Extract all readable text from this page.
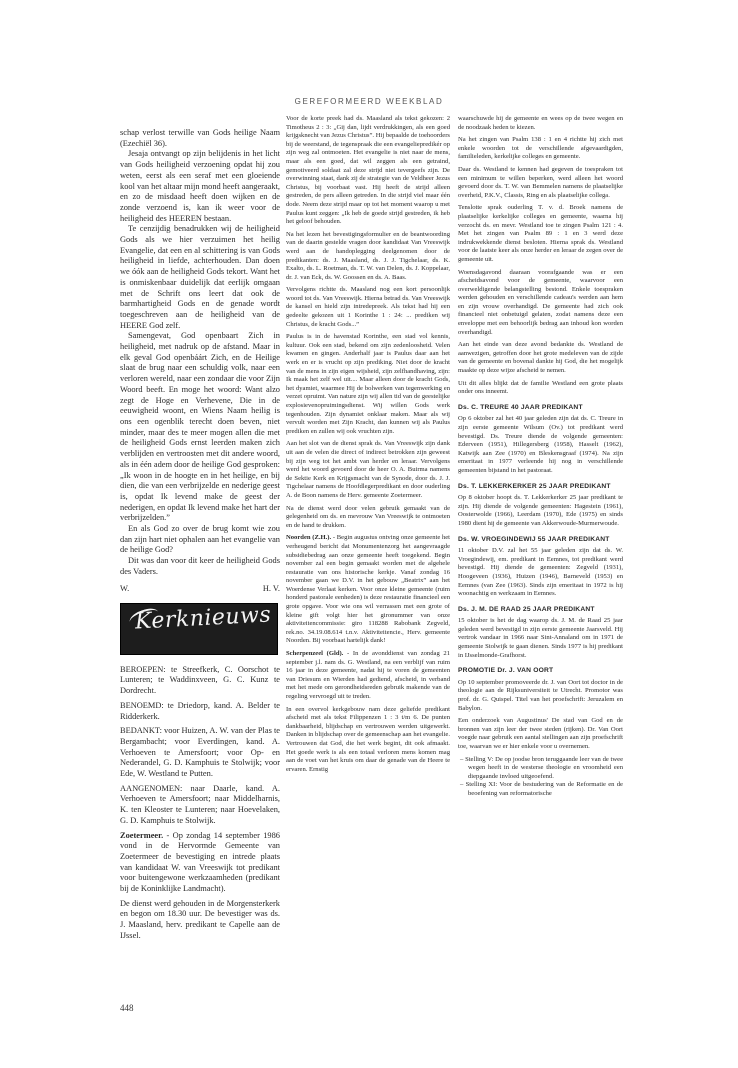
GEREFORMEERD WEEKBLAD

schap verlost terwille van Gods heilige Naam (Ezechiël 36).

Jesaja ontvangt op zijn belijdenis in het licht van Gods heiligheid verzoening opdat hij zou weten, eerst als een seraf met een gloeiende kool van het altaar mijn mond heeft aangeraakt, en zo de misdaad heeft doen wijken en de zonde verzoend is, kan ik weer voor de heiligheid des HEEREN bestaan.

Te cenzijdig benadrukken wij de heiligheid Gods als we hier verzuimen het heilig Evangelie, dat een en al schittering is van Gods heiligheid in liefde, achterhouden. Dan doen we óók aan de heiligheid Gods tekort. Want het is onmiskenbaar duidelijk dat eerlijk omgaan met de Schrift ons leert dat ook de barmhartigheid Gods en de genade wordt toegeschreven aan de heiligheid van de HEERE God zelf.

Samengevat, God openbaart Zich in heiligheid, met nadruk op de afstand. Maar in elk geval God openbáárt Zich, en de Heilige slaat de brug naar een schuldig volk, naar een verloren wereld, naar een zondaar die voor Zijn Woord beeft. En moge het woord: Want alzo zegt de Hoge en Verhevene, Die in de eeuwigheid woont, en Wiens Naam heilig is ons een ogenblik terecht doen beven, niet minder, maar des te meer mogen allen die met de heiligheid Gods ernst leerden maken zich verblijden en vertroosten met dit andere woord, als in één adem door de heilige God gesproken: „Ik woon in de hoogte en in het heilige, en bij dien, die van een verbrijzelde en nederige geest is, opdat Ik levend make de geest der nederigen, en opdat Ik levend make het hart der verbrijzelden.”

En als God zo over de brug komt wie zou dan zijn hart niet ophalen aan het evangelie van de heilige God?

Dit was dan voor dit keer de heiligheid Gods des Vaders.

W.	H. V.
Kerknieuws

BEROEPEN: te Streefkerk, C. Oorschot te Lunteren; te Waddinxveen, G. C. Kunz te Dordrecht.

BENOEMD: te Driedorp, kand. A. Belder te Ridderkerk.

BEDANKT: voor Huizen, A. W. van der Plas te Bergambacht; voor Everdingen, kand. A. Verhoeven te Amersfoort; voor Op- en Nederandel, G. D. Kamphuis te Stolwijk; voor Ede, W. Westland te Putten.

AANGENOMEN: naar Daarle, kand. A. Verhoeven te Amersfoort; naar Middelharnis, K. ten Kleoster te Lunteren; naar Hoevelaken, G. D. Kamphuis te Stolwijk.

Zoetermeer. - Op zondag 14 september 1986 vond in de Hervormde Gemeente van Zoetermeer de bevestiging en intrede plaats van kandidaat W. van Vreeswijk tot predikant voor buitengewone werkzaamheden (predikant bij de Koninklijke Landmacht).

De dienst werd gehouden in de Morgensterkerk en begon om 18.30 uur. De bevestiger was ds. J. Maasland, herv. predikant te Capelle aan de IJssel.

Voor de korte preek had ds. Maasland als tekst gekozen: 2 Timotheus 2 : 3: „Gij dan, lijdt verdrukkingen, als een goed krijgsknecht van Jezus Christus”. Hij bepaalde de toehoorders bij de weerstand, de tegenspraak die een evangeliepredikér op zijn weg zal ontmoeten. Het evangelie is niet naar de mens, maar als een goed, dat wil zeggen als een getraind, gemotiveerd soldaat zal deze strijd niet tevergeefs zijn. De overwinning staat, dank zij de strategie van de Veldheer Jezus Christus, bij voorbaat vast. Hij heeft de strijd alleen gestreden, de pers alleen getreden. In die strijd viel maar één dode. Neem deze strijd maar op tot het moment waarop u met Paulus kunt zeggen: „Ik heb de goede strijd gestreden, ik heb het geloof behouden.

Na het lezen het bevestigingsformulier en de beantwoording van de daarin gestelde vragen door kandidaat Van Vreeswijk werd aan de handoplegging deelgenomen door de predikanten: ds. J. Maasland, ds. J. J. Tigchelaar, ds. K. Exalto, ds. L. Roetman, ds. T. W. van Delen, ds. J. Koppelaar, dr. J. van Eck, ds. W. Goossen en ds. A. Baas.

Vervolgens richtte ds. Maasland nog een kort persoonlijk woord tot ds. Van Vreeswijk. Hierna betrad ds. Van Vreeswijk de kansel en hield zijn intredepreek. Als tekst had hij een gedeelte gekozen uit 1 Korinthe 1 : 24: ... prediken wij Christus, de kracht Gods...”

Paulus is in de havenstad Korinthe, een stad vol kennis, kultuur. Ook een stad, bekend om zijn zedenloosheid. Velen kwamen en gingen. Anderhalf jaar is Paulus daar aan het werk en er is vrucht op zijn prediking. Niet door de kracht van de mens in zijn eigen wijsheid, zijn zelfhandhaving, zijn: Ik maak het zelf wel uit.... Maar alleen door de kracht Gods, het dyamiet, waarmee Hij de bolwerken van tegenwerking en verzet opruimt. Van nature zijn wij allen tid van de geestelijke explosievenopruimingsdienst. Wij willen Gods werk tegenhouden. Zijn dynamiet onklaar maken. Maar als wij vervult worden met Zijn Kracht, dan kunnen wij als Paulus prediken en zullen wij ook vruchten zijn.

Aan het slot van de dienst sprak ds. Van Vreeswijk zijn dank uit aan de velen die direct of indirect betrokken zijn geweest bij zijn weg tot het ambt van herder en leraar. Vervolgens werd het woord gevoerd door de heer O. A. Buirma namens de Sektie Kerk en Krijgsmacht van de Synode, door ds. J. J. Tigchelaar namens de Hoofdlegerpredikant en door ouderling A. de Boon namens de Herv. gemeente Zoetermeer.

Na de dienst werd door velen gebruik gemaakt van de gelegenheid om ds. en mevrouw Van Vreeswijk te ontmoeten en de hand te drukken.

Noorden (Z.H.). - Begin augustus ontving onze gemeente het verheugend bericht dat Monumentenzorg het aangevraagde subsidiebedrag aan onze gemeente heeft toegekend. Begin november zal een begin gemaakt worden met de algehele restauratie van ons historische kerkje. Vanaf zondag 16 november gaan we D.V. in het gebouw „Beatrix” aan het Woerdense Verlaat kerken. Voor onze kleine gemeente (ruim honderd pastorale eenheden) is deze restauratie financieel een grote opgave. Voor wie ons wil verrassen met een grote of kleine gift volgt hier het gironummer van onze aktiviteitencommissie: giro 118288 Rabobank Zegveld, rek.no. 34.19.08.614 t.n.v. Aktiviteitencie., Herv. gemeente Noorden. Bij voorbaat hartelijk dank!

Scherpenzeel (Gld). - In de avonddienst van zondag 21 september j.l. nam ds. G. Westland, na een verblijf van ruim 16 jaar in deze gemeente, nadat hij te voren de gemeenten van Driesum en Wierden had gediend, afscheid, in verband met het mede om gerondheidsreden gebruik makende van de regeling vervroegd uit te treden.

In een overvol kerkgebouw nam deze geliefde predikant afscheid met als tekst Filippenzen 1 : 3 t/m 6. De punten dankbaarheid, blijdschap en vertrouwen werden uitgewerkt. Danken in blijdschap over de gemeenschap aan het evangelie. Vertrouwen dat God, die het werk begint, dit ook afmaakt. Het goede werk is als een totaal verloren mens komen mag aan de voet van het kruis om daar de genade van de Heere te ervaren. Ernstig

waarschuwde hij de gemeente en wees op de twee wegen en de noodzaak heden te kiezen.

Na het zingen van Psalm 138 : 1 en 4 richtte hij zich met enkele woorden tot de verschillende afgevaardigden, familieleden, kerkelijke colleges en gemeente.

Daar ds. Westland te kennen had gegeven de toespraken tot een minimum te willen beperken, werd alleen het woord gevoerd door ds. T. W. van Bemmelen namens de plaatselijke overheid, P.K.V., Classis, Ring en als plaatselijke collega.

Tenslotte sprak ouderling T. v. d. Broek namens de plaatselijke kerkelijke colleges en gemeente, waarna hij verzocht ds. en mevr. Westland toe te zingen Psalm 121 : 4. Met het zingen van Psalm 89 : 1 en 3 werd deze indrukwekkende dienst besloten. Hierna sprak ds. Westland voor de laatste keer als onze herder en leraar de zegen over de gemeente uit.

Woensdagavond daaraan voorafgaande was er een afscheidsavond voor de gemeente, waarvoor een overweldigende belangstelling bestond. Enkele toespraken werden gehouden en verschillende cadeau's werden aan hem en zijn vrouw overhandigd. De gemeente had zich ook financieel niet onbetuigd gelaten, zodat namens deze een enveloppe met een behoorlijk bedrag aan inhoud kon worden overhandigd.

Aan het einde van deze avond bedankte ds. Westland de aanwezigen, getroffen door het grote medeleven van de zijde van de gemeente en bovenal dankte hij God, die het mogelijk maakte op deze wijze afscheid te nemen.

Uit dit alles blijkt dat de familie Westland een grote plaats onder ons inneemt.

Ds. C. TREURE 40 JAAR PREDIKANT

Op 6 oktober zal het 40 jaar geleden zijn dat ds. C. Treure in zijn eerste gemeente Wilsum (Ov.) tot predikant werd bevestigd. Ds. Treure diende de volgende gemeenten: Ederveen (1951), Hillegersberg (1958), Hasselt (1962), Katwijk aan Zee (1970) en Bleskensgraaf (1974). Na zijn emeritaat in 1977 verleende hij nog in verschillende gemeenten bijstand in het pastoraat.

Ds. T. LEKKERKERKER 25 JAAR PREDIKANT

Op 8 oktober hoopt ds. T. Lekkerkerker 25 jaar predikant te zijn. Hij diende de volgende gemeenten: Hagestein (1961), Oosterwolde (1966), Leerdam (1970), Ede (1975) en sinds 1980 dient hij de gemeente van Akkerwoude-Murmerwoude.

Ds. W. VROEGINDEWIJ 55 JAAR PREDIKANT

11 oktober D.V. zal het 55 jaar geleden zijn dat ds. W. Vroegindewij, em. predikant in Eemnes, tot predikant werd bevestigd. Hij diende de gemeenten: Zegveld (1931), Hoogeveen (1936), Huizen (1946), Barneveld (1953) en Eemnes (van Zee (1963). Sinds zijn emeritaat in 1972 is hij woonachtig en werkzaam in Eemnes.

Ds. J. M. DE RAAD 25 JAAR PREDIKANT

15 oktober is het de dag waarop ds. J. M. de Raad 25 jaar geleden werd bevestigd in zijn eerste gemeente Jaarsveld. Hij vertrok vandaar in 1966 naar Sint-Annaland om in 1971 de gemeente Stolwijk te gaan dienen. Sinds 1977 is hij predikant in IJsselmonde-Grafhorst.

PROMOTIE Dr. J. VAN OORT

Op 10 september promoveerde dr. J. van Oort tot doctor in de theologie aan de Rijksuniversiteit te Utrecht. Promotor was prof. dr. G. Quispel. Titel van het proefschrift: Jeruzalem en Babylon.

Een onderzoek van Augustinus' De stad van God en de bronnen van zijn leer der twee steden (rijken). Dr. Van Oort voegde naar gebruik een aantal stellingen aan zijn proefschrift toe, waarvan we er hier enkele voor u overnemen.

– Stelling V: De op joodse bron teruggaande leer van de twee wegen heeft in de westerse theologie en vroomheid een diepgaande invloed uitgeoefend.
– Stelling XI: Voor de bestudering van de Reformatie en de beoefening van reformatorische
448
